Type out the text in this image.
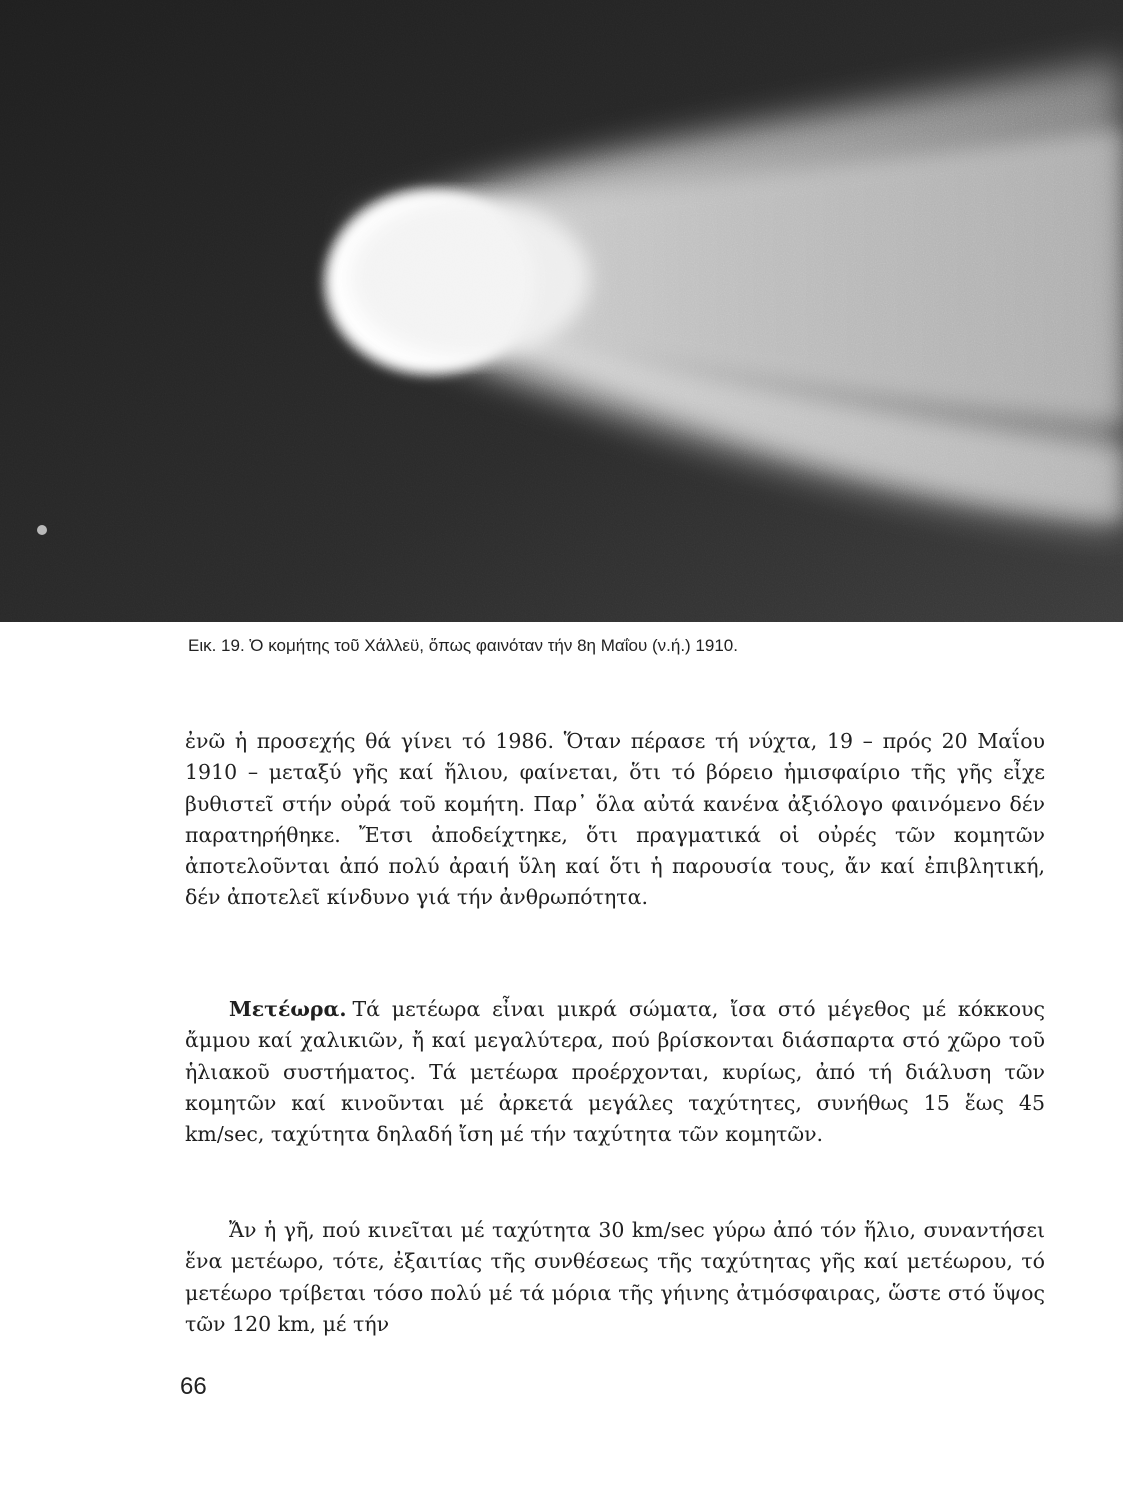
Εικ. 19. Ὁ κομήτης τοῦ Χάλλεϋ, ὅπως φαινόταν τήν 8η Μαΐου (ν.ή.) 1910.

ἐνῶ ἡ προσεχής θά γίνει τό 1986. Ὅταν πέρασε τή νύχτα, 19 – πρός 20 Μαΐου 1910 – μεταξύ γῆς καί ἥλιου, φαίνεται, ὅτι τό βόρειο ἡμισφαίριο τῆς γῆς εἶχε βυθιστεῖ στήν οὐρά τοῦ κομήτη. Παρ᾽ ὅλα αὐτά κανένα ἀξιόλογο φαινόμενο δέν παρατηρήθηκε. Ἔτσι ἀποδείχτηκε, ὅτι πραγματικά οἱ οὐρές τῶν κομητῶν ἀποτελοῦνται ἀπό πολύ ἀραιή ὕλη καί ὅτι ἡ παρουσία τους, ἄν καί ἐπιβλητική, δέν ἀποτελεῖ κίνδυνο γιά τήν ἀνθρωπότητα.

Μετέωρα. Τά μετέωρα εἶναι μικρά σώματα, ἴσα στό μέγεθος μέ κόκκους ἄμμου καί χαλικιῶν, ἤ καί μεγαλύτερα, πού βρίσκονται διάσπαρτα στό χῶρο τοῦ ἡλιακοῦ συστήματος. Τά μετέωρα προέρχονται, κυρίως, ἀπό τή διάλυση τῶν κομητῶν καί κινοῦνται μέ ἀρκετά μεγάλες ταχύτητες, συνήθως 15 ἕως 45 km/sec, ταχύτητα δηλαδή ἴση μέ τήν ταχύτητα τῶν κομητῶν.

Ἄν ἡ γῆ, πού κινεῖται μέ ταχύτητα 30 km/sec γύρω ἀπό τόν ἥλιο, συναντήσει ἕνα μετέωρο, τότε, ἐξαιτίας τῆς συνθέσεως τῆς ταχύτητας γῆς καί μετέωρου, τό μετέωρο τρίβεται τόσο πολύ μέ τά μόρια τῆς γήινης ἀτμόσφαιρας, ὥστε στό ὕψος τῶν 120 km, μέ τήν

66
